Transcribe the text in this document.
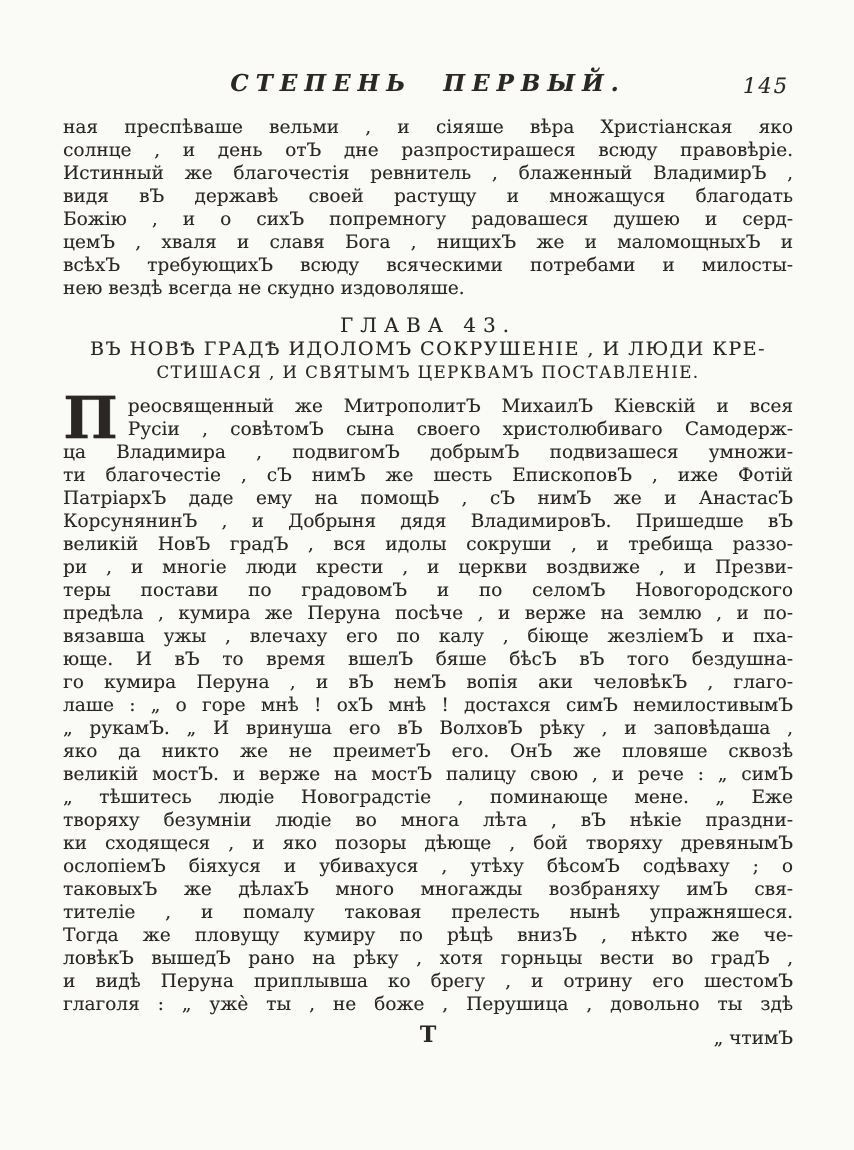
СТЕПЕНЬ ПЕРВЫЙ.	145
ная преспѣваше вельми , и сіяяше вѣра Христіанская яко
солнце , и день отЪ дне разпростирашеся всюду правовѣріе.
Истинный же благочестія ревнитель , блаженный ВладимирЪ ,
видя вЪ державѣ своей растущу и множащуся благодать
Божію , и о сихЪ попремногу радовашеся душею и серд-
цемЪ , хваля и славя Бога , нищихЪ же и маломощныхЪ и
всѣхЪ требующихЪ всюду всяческими потребами и милосты-
нею вездѣ всегда не скудно издоволяше.
ГЛАВА 43.
ВЪ НОВѢ ГРАДѢ ИДОЛОМЪ СОКРУШЕНІЕ , И ЛЮДИ КРЕ-
СТИШАСЯ , И СВЯТЫМЪ ЦЕРКВАМЪ ПОСТАВЛЕНІЕ.
П реосвященный же МитрополитЪ МихаилЪ Кіевскій и всея
Русіи , совѣтомЪ сына своего христолюбиваго Самодерж-
ца Владимира , подвигомЪ добрымЪ подвизашеся умножи-
ти благочестіе , сЪ нимЪ же шесть ЕпископовЪ , иже Фотій
ПатріархЪ даде ему на помощЬ , сЪ нимЪ же и АнастасЪ
КорсунянинЪ , и Добрыня дядя ВладимировЪ. Пришедше вЪ
великій НовЪ градЪ , вся идолы сокруши , и требища раззо-
ри , и многіе люди крести , и церкви воздвиже , и Презви-
теры постави по градовомЪ и по селомЪ Новогородского
предѣла , кумира же Перуна посѣче , и верже на землю , и по-
вязавша ужы , влечаху его по калу , біюще жезліемЪ и пха-
юще. И вЪ то время вшелЪ бяше бѣсЪ вЪ того бездушна-
го кумира Перуна , и вЪ немЪ вопія аки человѣкЪ , глаго-
лаше : „ о горе мнѣ ! охЪ мнѣ ! достахся симЪ немилостивымЪ
„ рукамЪ. „ И вринуша его вЪ ВолховЪ рѣку , и заповѣдаша ,
яко да никто же не преиметЪ его. ОнЪ же пловяше сквозѣ
великій мостЪ. и верже на мостЪ палицу свою , и рече : „ симЪ
„ тѣшитесь людіе Новоградстіе , поминающе мене. „ Еже
творяху безумніи людіе во многа лѣта , вЪ нѣкіе праздни-
ки сходящеся , и яко позоры дѣюще , бой творяху древянымЪ
ослопіемЪ біяхуся и убивахуся , утѣху бѣсомЪ содѣваху ; о
таковыхЪ же дѣлахЪ много многажды возбраняху имЪ свя-
тителіе , и помалу таковая прелесть нынѣ упражняшеся.
Тогда же пловущу кумиру по рѣцѣ внизЪ , нѣкто же че-
ловѣкЪ вышедЪ рано на рѣку , хотя горньцы вести во градЪ ,
и видѣ Перуна приплывша ко брегу , и отрину его шестомЪ
глаголя : „ ужѐ ты , не боже , Перушица , довольно ты здѣ
Т	„ чтимЪ
